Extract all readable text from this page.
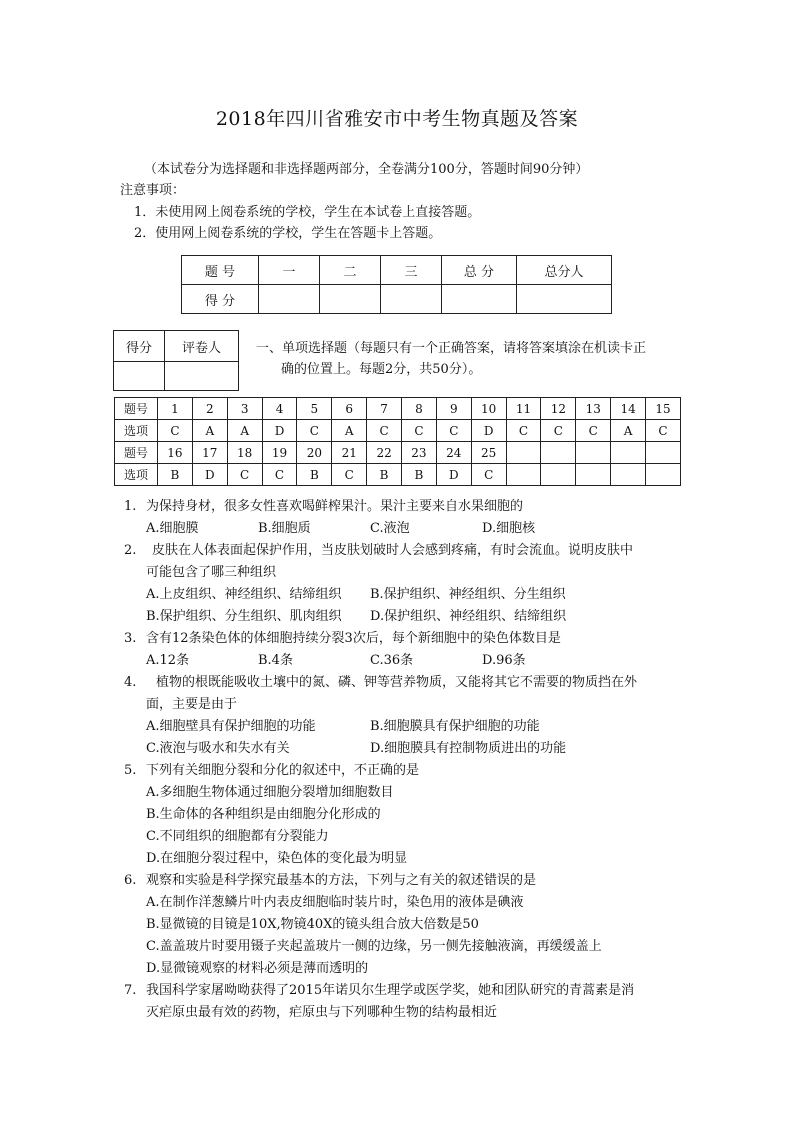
2018年四川省雅安市中考生物真题及答案
（本试卷分为选择题和非选择题两部分，全卷满分100分，答题时间90分钟）
注意事项：
1．未使用网上阅卷系统的学校，学生在本试卷上直接答题。
2．使用网上阅卷系统的学校，学生在答题卡上答题。
题 号	一	二	三	总 分	总分人
得 分					
得分	评卷人
		一、单项选择题（每题只有一个正确答案，请将答案填涂在机读卡正
确的位置上。每题2分，共50分）。
题号	1	2	3	4	5	6	7	8	9	10	11	12	13	14	15
选项	C	A	A	D	C	A	C	C	C	D	C	C	C	A	C
题号	16	17	18	19	20	21	22	23	24	25					
选项	B	D	C	C	B	C	B	B	D	C					
1. 为保持身材，很多女性喜欢喝鲜榨果汁。果汁主要来自水果细胞的
A.细胞膜	B.细胞质	C.液泡	D.细胞核
2. 皮肤在人体表面起保护作用，当皮肤划破时人会感到疼痛，有时会流血。说明皮肤中
可能包含了哪三种组织
A.上皮组织、神经组织、结缔组织 B.保护组织、神经组织、分生组织
B.保护组织、分生组织、肌肉组织 D.保护组织、神经组织、结缔组织
3. 含有12条染色体的体细胞持续分裂3次后，每个新细胞中的染色体数目是
A.12条	B.4条	C.36条	D.96条
4. 植物的根既能吸收土壤中的氮、磷、钾等营养物质，又能将其它不需要的物质挡在外
面，主要是由于
A.细胞壁具有保护细胞的功能	B.细胞膜具有保护细胞的功能
C.液泡与吸水和失水有关	D.细胞膜具有控制物质进出的功能
5. 下列有关细胞分裂和分化的叙述中，不正确的是
A.多细胞生物体通过细胞分裂增加细胞数目
B.生命体的各种组织是由细胞分化形成的
C.不同组织的细胞都有分裂能力
D.在细胞分裂过程中，染色体的变化最为明显
6. 观察和实验是科学探究最基本的方法，下列与之有关的叙述错误的是
A.在制作洋葱鳞片叶内表皮细胞临时装片时，染色用的液体是碘液
B.显微镜的目镜是10X,物镜40X的镜头组合放大倍数是50
C.盖盖玻片时要用镊子夹起盖玻片一侧的边缘，另一侧先接触液滴，再缓缓盖上
D.显微镜观察的材料必须是薄而透明的
7. 我国科学家屠呦呦获得了2015年诺贝尔生理学或医学奖，她和团队研究的青蒿素是消
灭疟原虫最有效的药物，疟原虫与下列哪种生物的结构最相近
